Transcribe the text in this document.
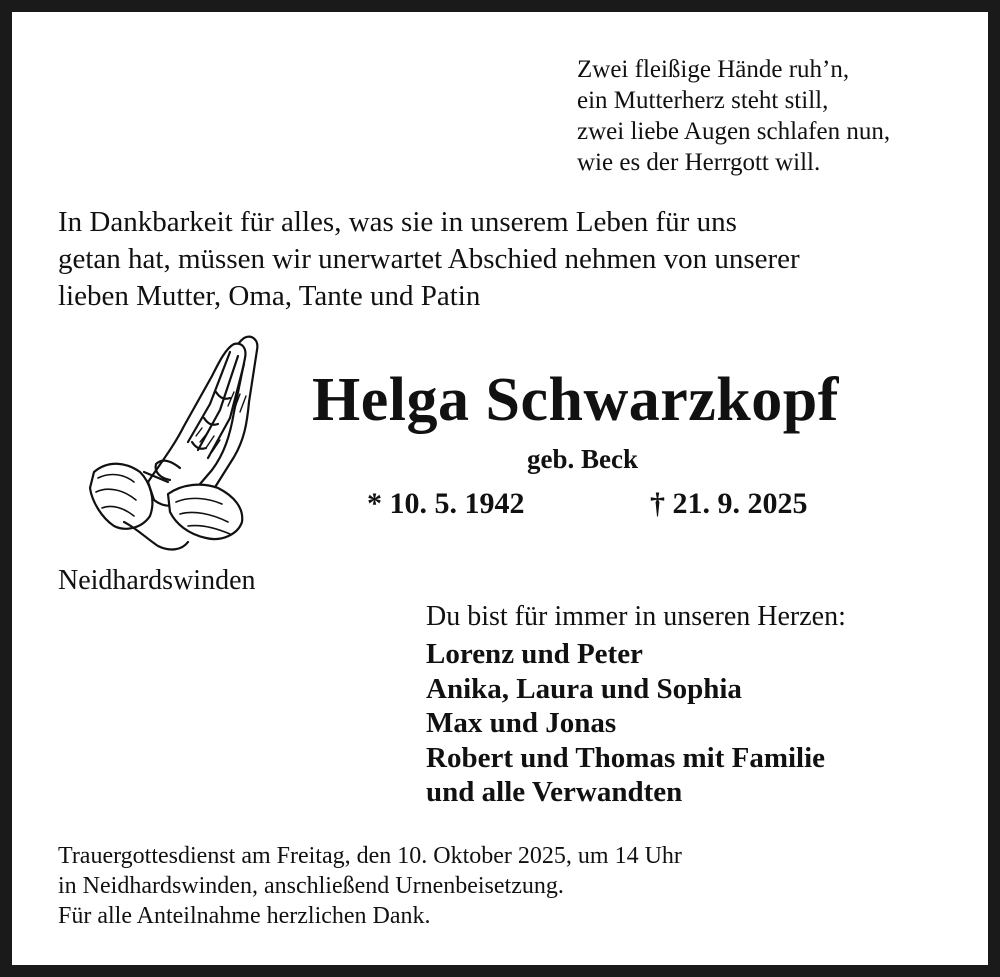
Zwei fleißige Hände ruh’n,
ein Mutterherz steht still,
zwei liebe Augen schlafen nun,
wie es der Herrgott will.
In Dankbarkeit für alles, was sie in unserem Leben für uns
getan hat, müssen wir unerwartet Abschied nehmen von unserer
lieben Mutter, Oma, Tante und Patin
Helga Schwarzkopf
geb. Beck
* 10. 5. 1942	† 21. 9. 2025
Neidhardswinden
Du bist für immer in unseren Herzen:
Lorenz und Peter
Anika, Laura und Sophia
Max und Jonas
Robert und Thomas mit Familie
und alle Verwandten
Trauergottesdienst am Freitag, den 10. Oktober 2025, um 14 Uhr
in Neidhardswinden, anschließend Urnenbeisetzung.
Für alle Anteilnahme herzlichen Dank.
